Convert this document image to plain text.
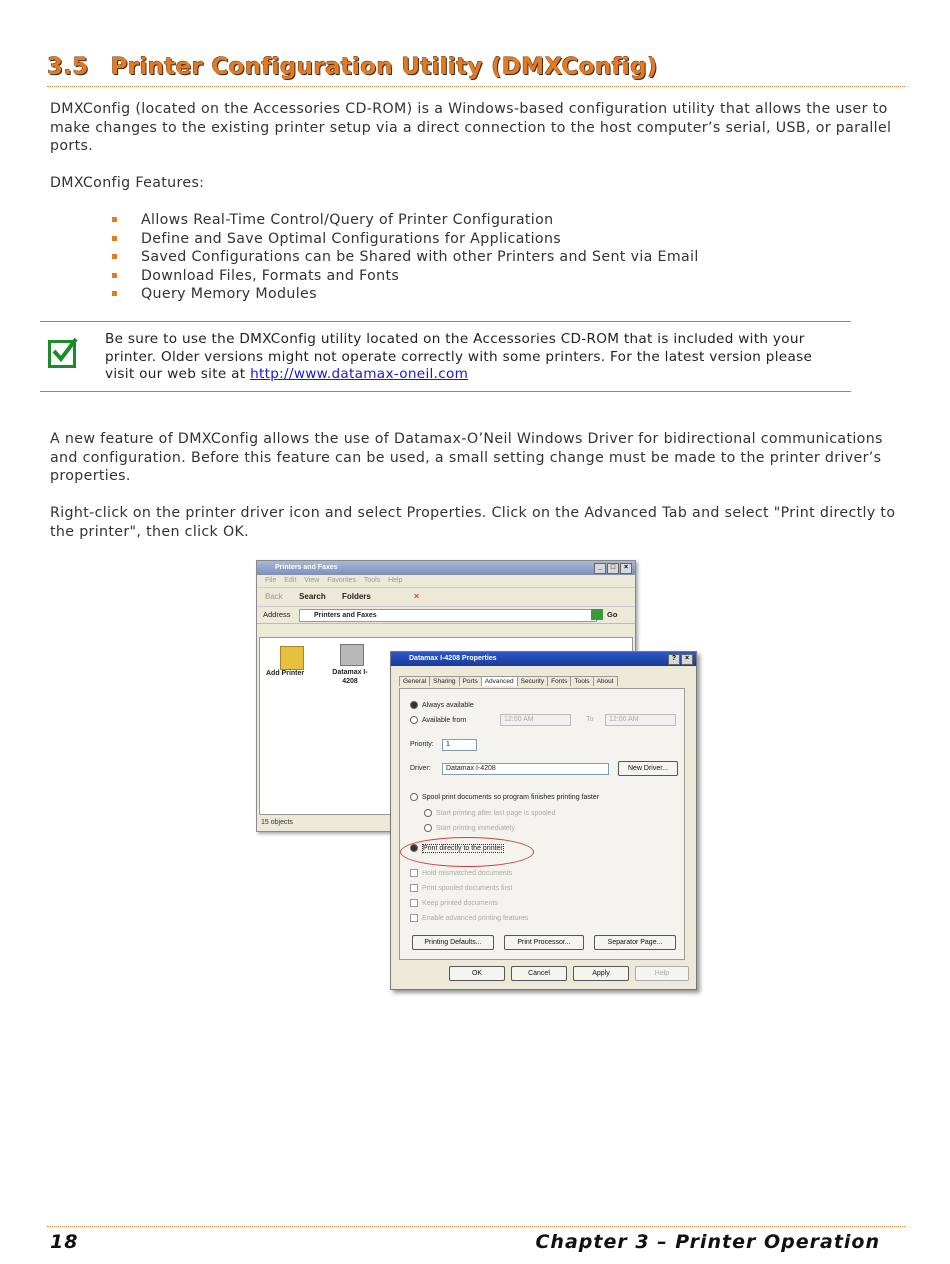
3.5 Printer Configuration Utility (DMXConfig)
DMXConfig (located on the Accessories CD-ROM) is a Windows-based configuration utility that allows the user to make changes to the existing printer setup via a direct connection to the host computer’s serial, USB, or parallel ports.
DMXConfig Features:
Allows Real-Time Control/Query of Printer Configuration
Define and Save Optimal Configurations for Applications
Saved Configurations can be Shared with other Printers and Sent via Email
Download Files, Formats and Fonts
Query Memory Modules
Be sure to use the DMXConfig utility located on the Accessories CD-ROM that is included with your printer. Older versions might not operate correctly with some printers. For the latest version please visit our web site at http://www.datamax-oneil.com
A new feature of DMXConfig allows the use of Datamax-O’Neil Windows Driver for bidirectional communications and configuration. Before this feature can be used, a small setting change must be made to the printer driver’s properties.
Right-click on the printer driver icon and select Properties. Click on the Advanced Tab and select "Print directly to the printer", then click OK.
Printers and Faxes	_	□	×
File Edit View Favorites Tools Help
Back Search Folders	✕
Address	Printers and Faxes	Go
Add Printer	Datamax I-4208
15 objects
Datamax I-4208 Properties	?	×
General	Sharing	Ports	Advanced	Security	Fonts	Tools	About
Always available
Available from	12:00 AM	To	12:00 AM
Priority:	1
Driver:	Datamax I-4208	New Driver...
Spool print documents so program finishes printing faster
Start printing after last page is spooled
Start printing immediately
Print directly to the printer
Hold mismatched documents
Print spooled documents first
Keep printed documents
Enable advanced printing features
Printing Defaults...	Print Processor...	Separator Page...
OK	Cancel	Apply	Help
18	Chapter 3 – Printer Operation
